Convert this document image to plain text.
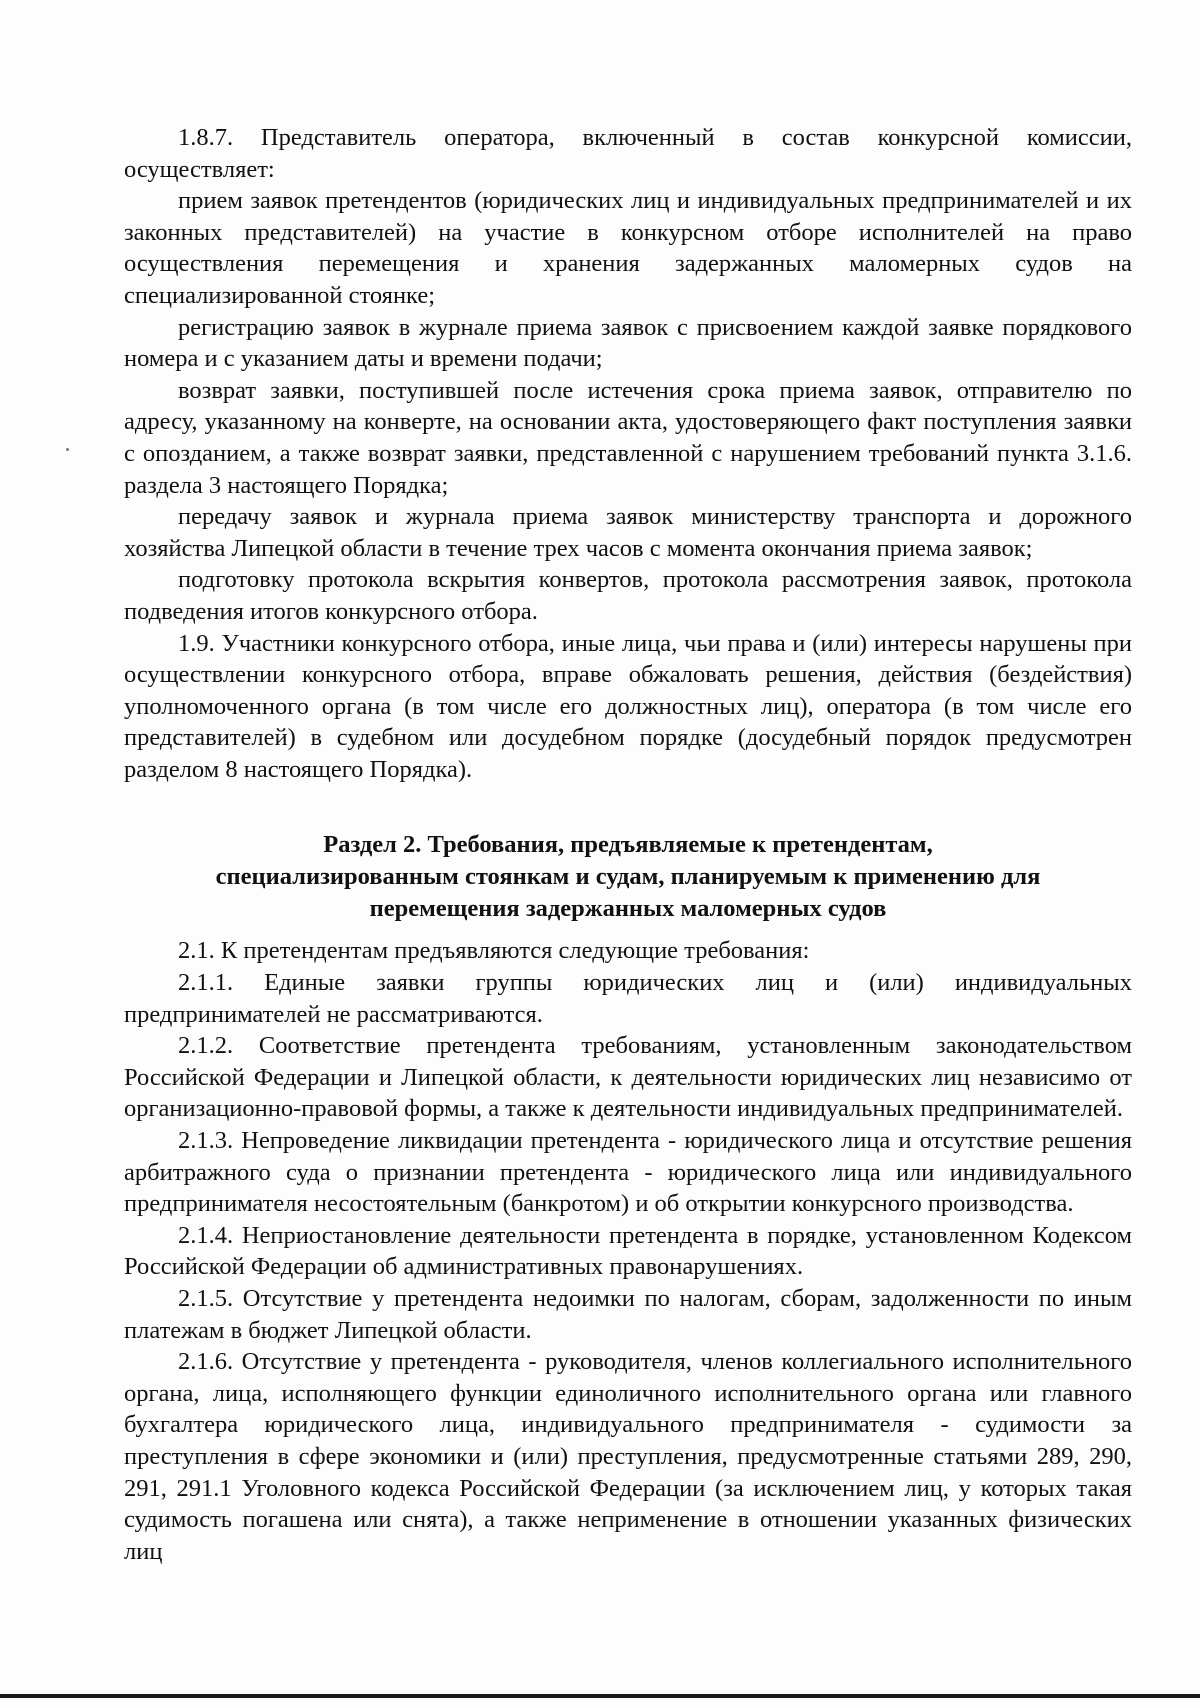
1.8.7. Представитель оператора, включенный в состав конкурсной комиссии, осуществляет:

прием заявок претендентов (юридических лиц и индивидуальных предпринимателей и их законных представителей) на участие в конкурсном отборе исполнителей на право осуществления перемещения и хранения задержанных маломерных судов на специализированной стоянке;

регистрацию заявок в журнале приема заявок с присвоением каждой заявке порядкового номера и с указанием даты и времени подачи;

возврат заявки, поступившей после истечения срока приема заявок, отправителю по адресу, указанному на конверте, на основании акта, удостоверяющего факт поступления заявки с опозданием, а также возврат заявки, представленной с нарушением требований пункта 3.1.6. раздела 3 настоящего Порядка;

передачу заявок и журнала приема заявок министерству транспорта и дорожного хозяйства Липецкой области в течение трех часов с момента окончания приема заявок;

подготовку протокола вскрытия конвертов, протокола рассмотрения заявок, протокола подведения итогов конкурсного отбора.

1.9. Участники конкурсного отбора, иные лица, чьи права и (или) интересы нарушены при осуществлении конкурсного отбора, вправе обжаловать решения, действия (бездействия) уполномоченного органа (в том числе его должностных лиц), оператора (в том числе его представителей) в судебном или досудебном порядке (досудебный порядок предусмотрен разделом 8 настоящего Порядка).

Раздел 2. Требования, предъявляемые к претендентам,
специализированным стоянкам и судам, планируемым к применению для
перемещения задержанных маломерных судов

2.1. К претендентам предъявляются следующие требования:

2.1.1. Единые заявки группы юридических лиц и (или) индивидуальных предпринимателей не рассматриваются.

2.1.2. Соответствие претендента требованиям, установленным законодательством Российской Федерации и Липецкой области, к деятельности юридических лиц независимо от организационно-правовой формы, а также к деятельности индивидуальных предпринимателей.

2.1.3. Непроведение ликвидации претендента - юридического лица и отсутствие решения арбитражного суда о признании претендента - юридического лица или индивидуального предпринимателя несостоятельным (банкротом) и об открытии конкурсного производства.

2.1.4. Неприостановление деятельности претендента в порядке, установленном Кодексом Российской Федерации об административных правонарушениях.

2.1.5. Отсутствие у претендента недоимки по налогам, сборам, задолженности по иным платежам в бюджет Липецкой области.

2.1.6. Отсутствие у претендента - руководителя, членов коллегиального исполнительного органа, лица, исполняющего функции единоличного исполнительного органа или главного бухгалтера юридического лица, индивидуального предпринимателя - судимости за преступления в сфере экономики и (или) преступления, предусмотренные статьями 289, 290, 291, 291.1 Уголовного кодекса Российской Федерации (за исключением лиц, у которых такая судимость погашена или снята), а также неприменение в отношении указанных физических лиц
